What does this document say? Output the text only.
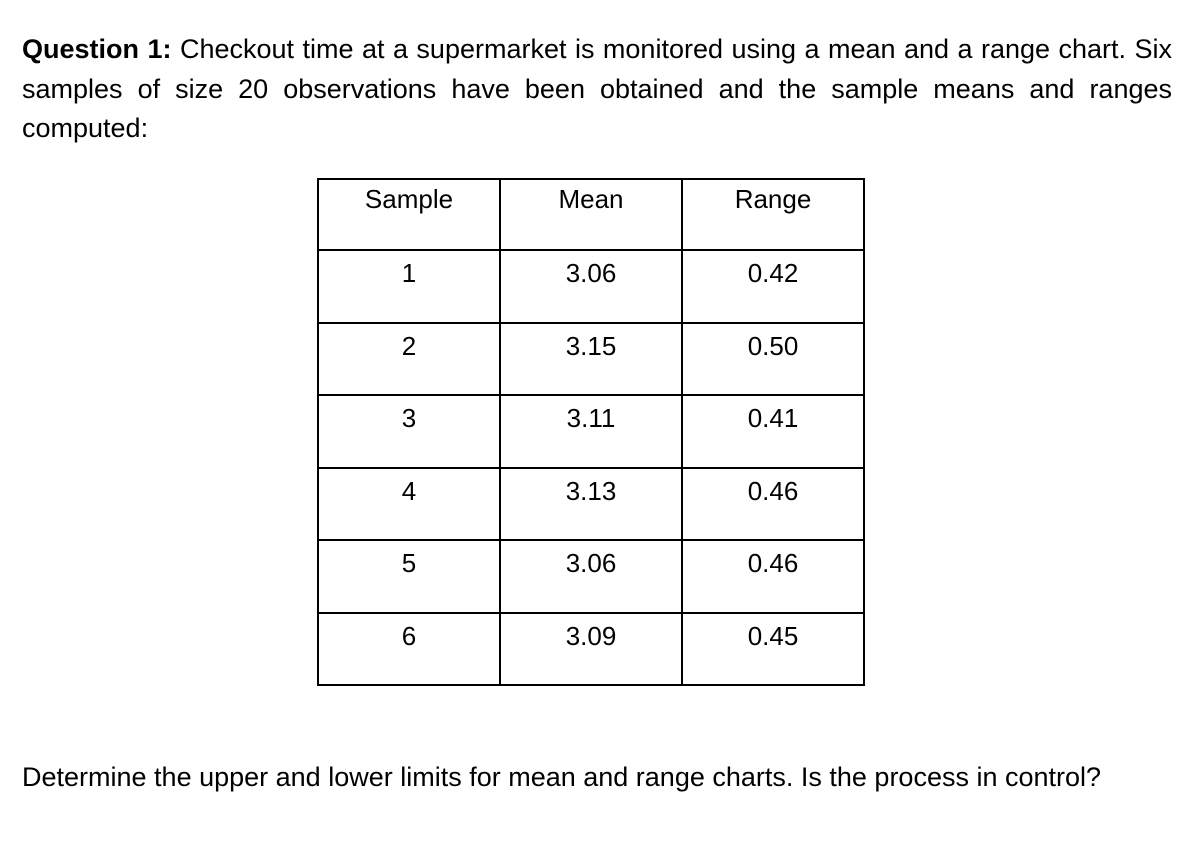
Question 1: Checkout time at a supermarket is monitored using a mean and a range chart. Six samples of size 20 observations have been obtained and the sample means and ranges computed:

Sample	Mean	Range
1	3.06	0.42
2	3.15	0.50
3	3.11	0.41
4	3.13	0.46
5	3.06	0.46
6	3.09	0.45

Determine the upper and lower limits for mean and range charts. Is the process in control?
